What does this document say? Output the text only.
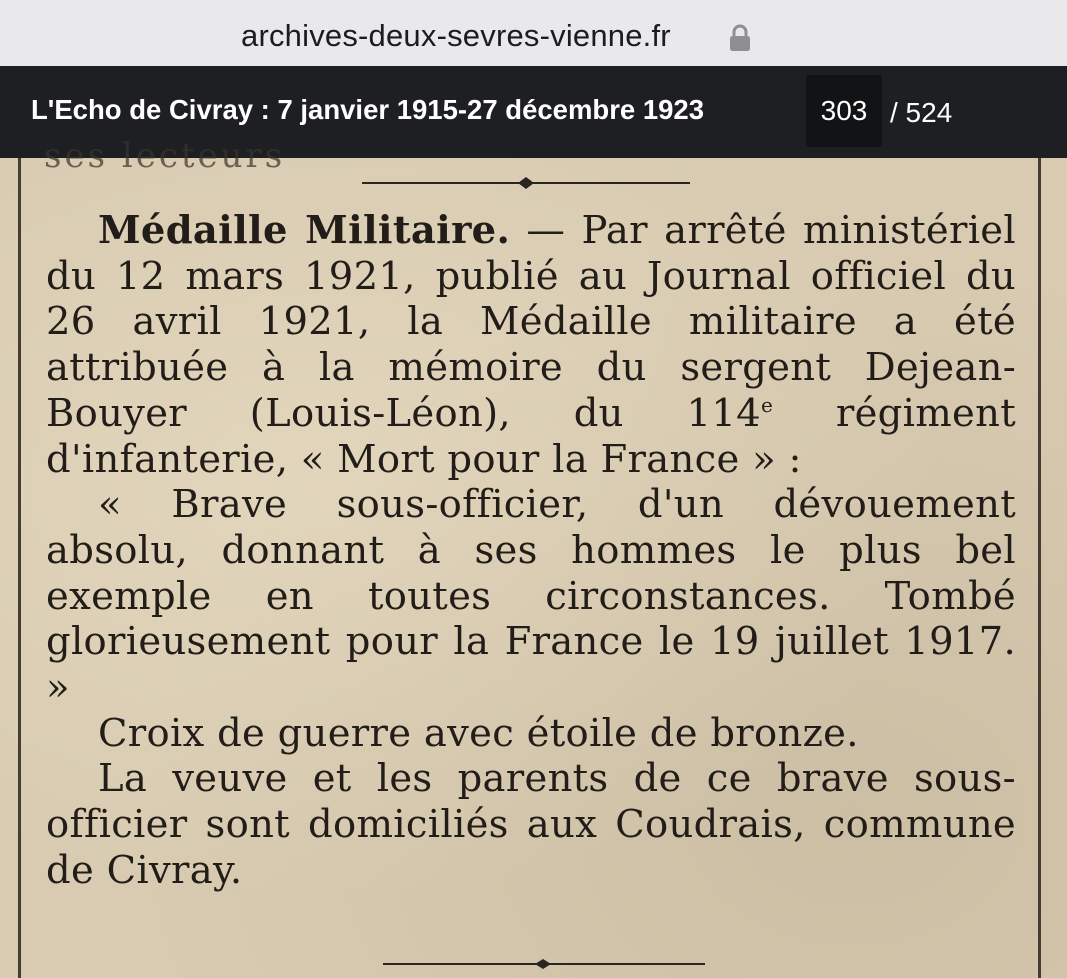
archives-deux-sevres-vienne.fr
L'Echo de Civray : 7 janvier 1915-27 décembre 1923	303 / 524
ses lecteurs

Médaille Militaire. — Par arrêté ministériel du 12 mars 1921, publié au Journal officiel du 26 avril 1921, la Médaille militaire a été attribuée à la mémoire du sergent Dejean-Bouyer (Louis-Léon), du 114e régiment d'infanterie, « Mort pour la France » :

« Brave sous-officier, d'un dévouement absolu, donnant à ses hommes le plus bel exemple en toutes circonstances. Tombé glorieusement pour la France le 19 juillet 1917. »

Croix de guerre avec étoile de bronze.

La veuve et les parents de ce brave sous-officier sont domiciliés aux Coudrais, commune de Civray.
